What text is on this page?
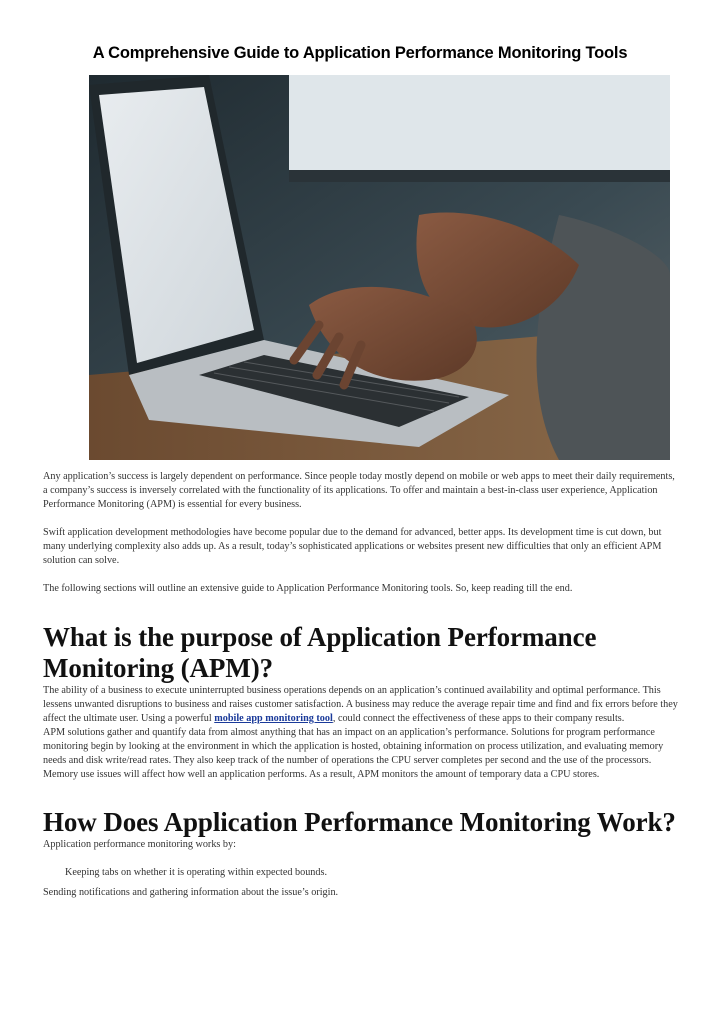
A Comprehensive Guide to Application Performance Monitoring Tools

Any application’s success is largely dependent on performance. Since people today mostly depend on mobile or web apps to meet their daily requirements, a company’s success is inversely correlated with the functionality of its applications. To offer and maintain a best-in-class user experience, Application Performance Monitoring (APM) is essential for every business.

Swift application development methodologies have become popular due to the demand for advanced, better apps. Its development time is cut down, but many underlying complexity also adds up. As a result, today’s sophisticated applications or websites present new difficulties that only an efficient APM solution can solve.

The following sections will outline an extensive guide to Application Performance Monitoring tools. So, keep reading till the end.

What is the purpose of Application Performance Monitoring (APM)?

The ability of a business to execute uninterrupted business operations depends on an application’s continued availability and optimal performance. This lessens unwanted disruptions to business and raises customer satisfaction. A business may reduce the average repair time and find and fix errors before they affect the ultimate user. Using a powerful mobile app monitoring tool, could connect the effectiveness of these apps to their company results.

APM solutions gather and quantify data from almost anything that has an impact on an application’s performance. Solutions for program performance monitoring begin by looking at the environment in which the application is hosted, obtaining information on process utilization, and evaluating memory needs and disk write/read rates. They also keep track of the number of operations the CPU server completes per second and the use of the processors. Memory use issues will affect how well an application performs. As a result, APM monitors the amount of temporary data a CPU stores.

How Does Application Performance Monitoring Work?

Application performance monitoring works by:

Keeping tabs on whether it is operating within expected bounds.

Sending notifications and gathering information about the issue’s origin.
